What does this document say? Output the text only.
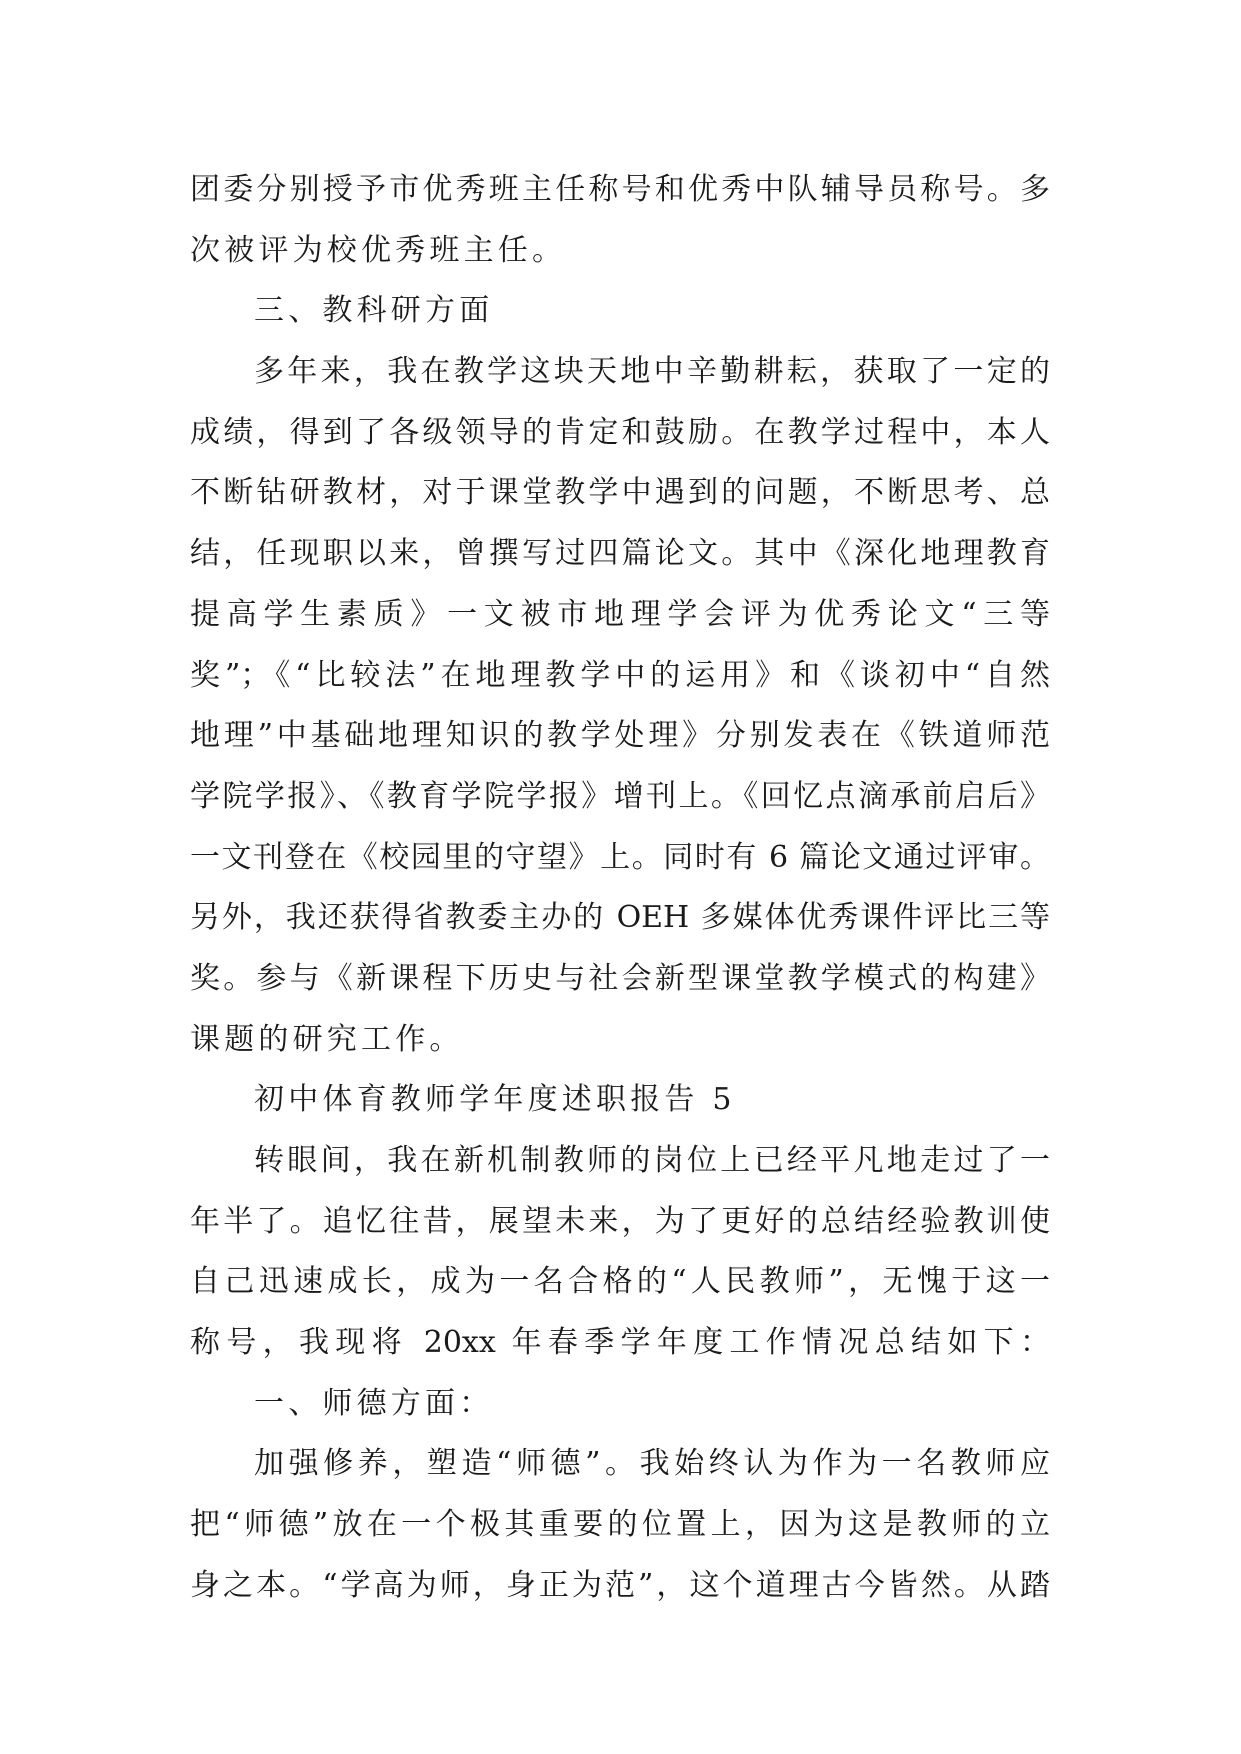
团委分别授予市优秀班主任称号和优秀中队辅导员称号。多
次被评为校优秀班主任。
三、教科研方面
多年来，我在教学这块天地中辛勤耕耘，获取了一定的
成绩，得到了各级领导的肯定和鼓励。在教学过程中，本人
不断钻研教材，对于课堂教学中遇到的问题，不断思考、总
结，任现职以来，曾撰写过四篇论文。其中《深化地理教育
提高学生素质》一文被市地理学会评为优秀论文“三等
奖”；《“比较法”在地理教学中的运用》和《谈初中“自然
地理”中基础地理知识的教学处理》分别发表在《铁道师范
学院学报》、《教育学院学报》增刊上。《回忆点滴承前启后》
一文刊登在《校园里的守望》上。同时有 6 篇论文通过评审。
另外，我还获得省教委主办的 OEH 多媒体优秀课件评比三等
奖。参与《新课程下历史与社会新型课堂教学模式的构建》
课题的研究工作。
初中体育教师学年度述职报告 5
转眼间，我在新机制教师的岗位上已经平凡地走过了一
年半了。追忆往昔，展望未来，为了更好的总结经验教训使
自己迅速成长，成为一名合格的“人民教师”，无愧于这一
称号，我现将 20xx 年春季学年度工作情况总结如下：
一、师德方面：
加强修养，塑造“师德”。我始终认为作为一名教师应
把“师德”放在一个极其重要的位置上，因为这是教师的立
身之本。“学高为师，身正为范”，这个道理古今皆然。从踏
